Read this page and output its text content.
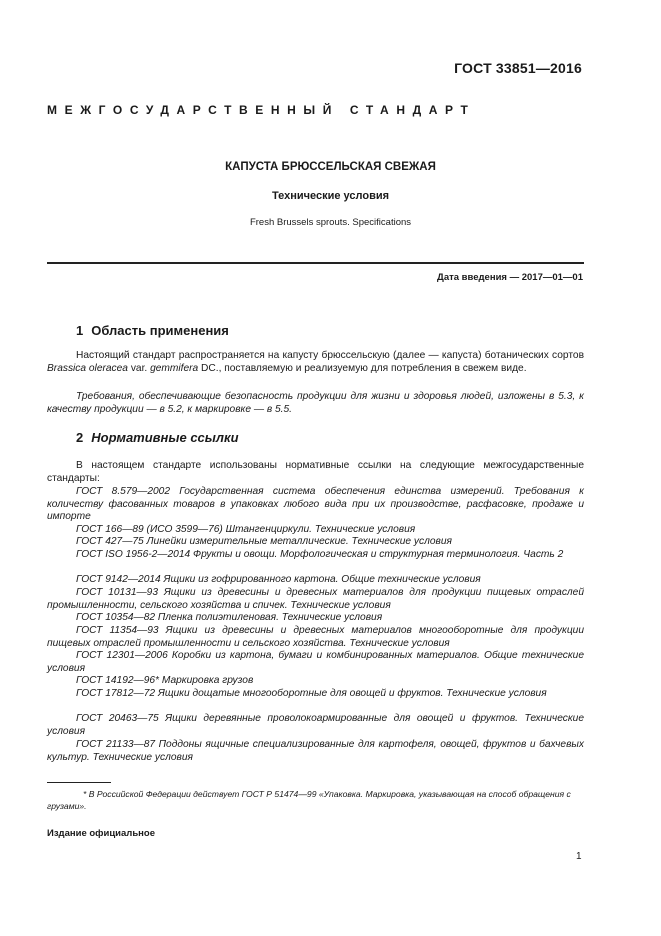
ГОСТ 33851—2016
МЕЖГОСУДАРСТВЕННЫЙ СТАНДАРТ
КАПУСТА БРЮССЕЛЬСКАЯ СВЕЖАЯ
Технические условия
Fresh Brussels sprouts. Specifications
Дата введения — 2017—01—01
1 Область применения
Настоящий стандарт распространяется на капусту брюссельскую (далее — капуста) ботанических сортов Brassica oleracea var. gemmifera DC., поставляемую и реализуемую для потребления в свежем виде.
Требования, обеспечивающие безопасность продукции для жизни и здоровья людей, изложены в 5.3, к качеству продукции — в 5.2, к маркировке — в 5.5.
2 Нормативные ссылки
В настоящем стандарте использованы нормативные ссылки на следующие межгосударственные стандарты:
ГОСТ 8.579—2002 Государственная система обеспечения единства измерений. Требования к количеству фасованных товаров в упаковках любого вида при их производстве, расфасовке, продаже и импорте
ГОСТ 166—89 (ИСО 3599—76) Штангенциркули. Технические условия
ГОСТ 427—75 Линейки измерительные металлические. Технические условия
ГОСТ ISO 1956-2—2014 Фрукты и овощи. Морфологическая и структурная терминология. Часть 2
ГОСТ 9142—2014 Ящики из гофрированного картона. Общие технические условия
ГОСТ 10131—93 Ящики из древесины и древесных материалов для продукции пищевых отраслей промышленности, сельского хозяйства и спичек. Технические условия
ГОСТ 10354—82 Пленка полиэтиленовая. Технические условия
ГОСТ 11354—93 Ящики из древесины и древесных материалов многооборотные для продукции пищевых отраслей промышленности и сельского хозяйства. Технические условия
ГОСТ 12301—2006 Коробки из картона, бумаги и комбинированных материалов. Общие технические условия
ГОСТ 14192—96* Маркировка грузов
ГОСТ 17812—72 Ящики дощатые многооборотные для овощей и фруктов. Технические условия
ГОСТ 20463—75 Ящики деревянные проволокоармированные для овощей и фруктов. Технические условия
ГОСТ 21133—87 Поддоны ящичные специализированные для картофеля, овощей, фруктов и бахчевых культур. Технические условия
* В Российской Федерации действует ГОСТ Р 51474—99 «Упаковка. Маркировка, указывающая на способ обращения с грузами».
Издание официальное
1
